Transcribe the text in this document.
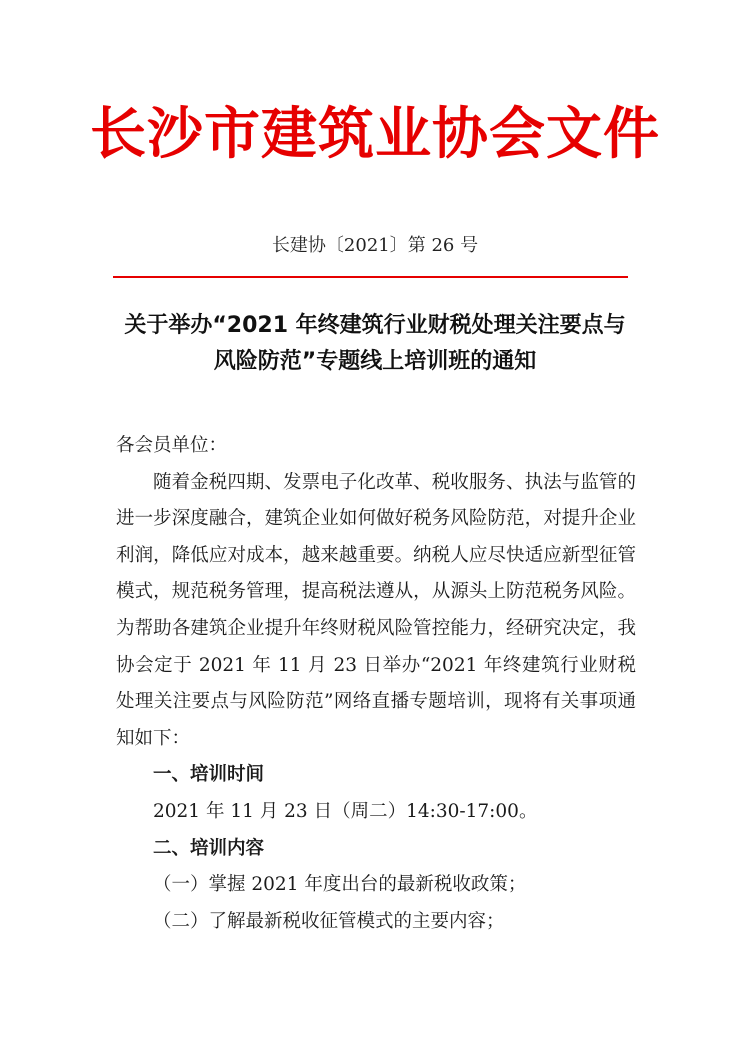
长沙市建筑业协会文件
长建协〔2021〕第 26 号
关于举办“2021 年终建筑行业财税处理关注要点与
风险防范”专题线上培训班的通知

各会员单位：

随着金税四期、发票电子化改革、税收服务、执法与监管的进一步深度融合，建筑企业如何做好税务风险防范，对提升企业利润，降低应对成本，越来越重要。纳税人应尽快适应新型征管模式，规范税务管理，提高税法遵从，从源头上防范税务风险。为帮助各建筑企业提升年终财税风险管控能力，经研究决定，我协会定于 2021 年 11 月 23 日举办“2021 年终建筑行业财税处理关注要点与风险防范”网络直播专题培训，现将有关事项通知如下：

一、培训时间

2021 年 11 月 23 日（周二）14:30-17:00。

二、培训内容

（一）掌握 2021 年度出台的最新税收政策；

（二）了解最新税收征管模式的主要内容；
